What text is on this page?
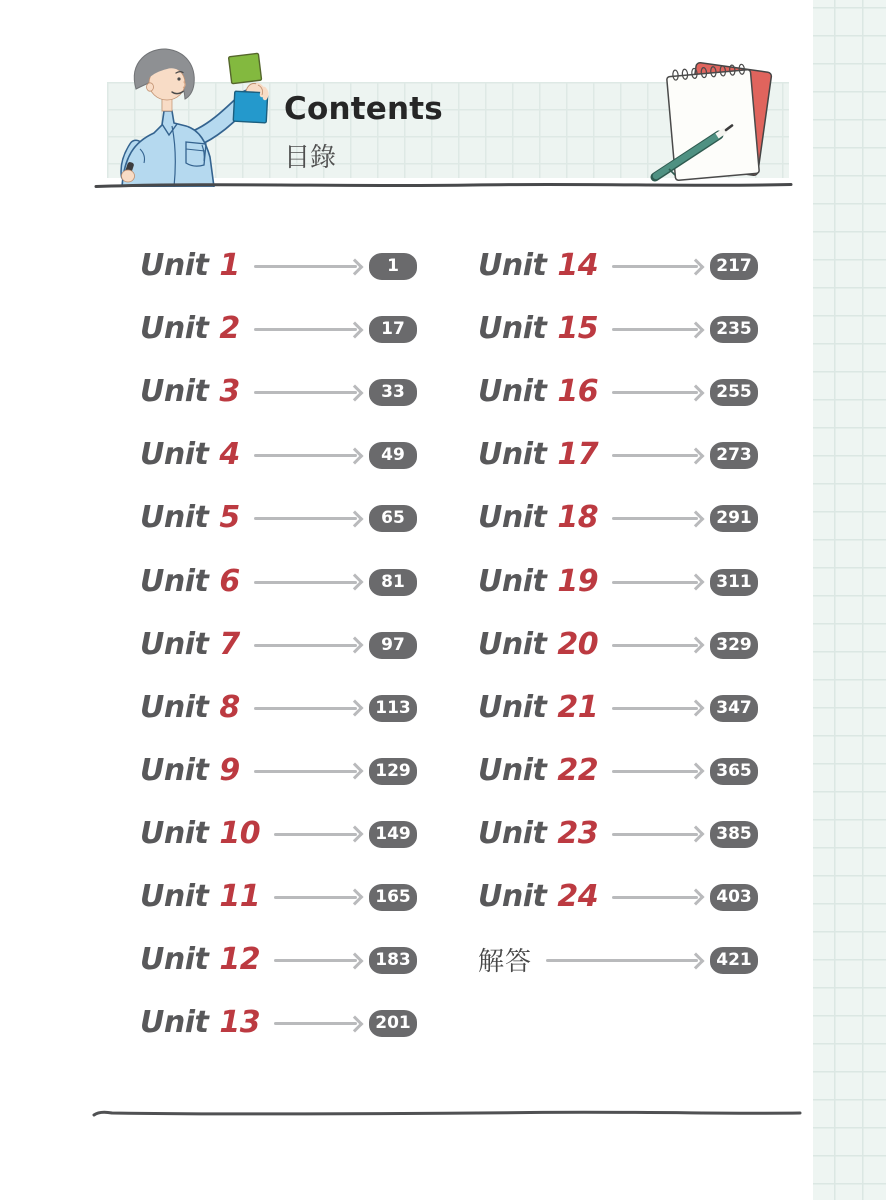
Contents
目錄
Unit 1	1
Unit 2	17
Unit 3	33
Unit 4	49
Unit 5	65
Unit 6	81
Unit 7	97
Unit 8	113
Unit 9	129
Unit 10	149
Unit 11	165
Unit 12	183
Unit 13	201
Unit 14	217
Unit 15	235
Unit 16	255
Unit 17	273
Unit 18	291
Unit 19	311
Unit 20	329
Unit 21	347
Unit 22	365
Unit 23	385
Unit 24	403
解答	421
